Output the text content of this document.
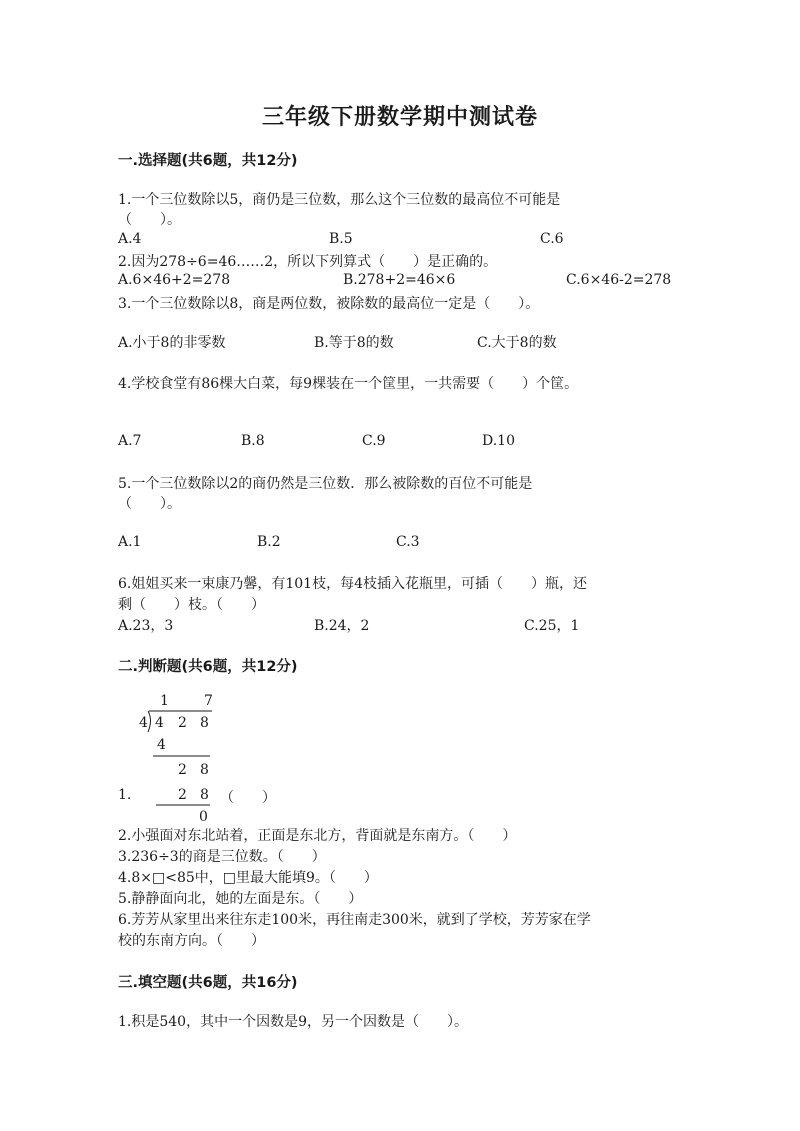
三年级下册数学期中测试卷
一.选择题(共6题，共12分)
1.一个三位数除以5，商仍是三位数，那么这个三位数的最高位不可能是
（　　）。
A.4	B.5	C.6
2.因为278÷6=46……2，所以下列算式（　　）是正确的。
A.6×46+2=278	B.278+2=46×6	C.6×46-2=278
3.一个三位数除以8，商是两位数，被除数的最高位一定是（　　）。
A.小于8的非零数	B.等于8的数	C.大于8的数
4.学校食堂有86棵大白菜，每9棵装在一个筐里，一共需要（　　）个筐。
A.7	B.8	C.9	D.10
5.一个三位数除以2的商仍然是三位数．那么被除数的百位不可能是
（　　）。
A.1	B.2	C.3
6.姐姐买来一束康乃馨，有101枝，每4枝插入花瓶里，可插（　　）瓶，还
剩（　　）枝。（　　）
A.23，3	B.24，2	C.25，1
二.判断题(共6题，共12分)
1	7
4 4 2 8
4
2 8
2 8
0
1.	（　　）
2.小强面对东北站着，正面是东北方，背面就是东南方。（　　）
3.236÷3的商是三位数。（　　）
4.8×□<85中，□里最大能填9。（　　）
5.静静面向北，她的左面是东。（　　）
6.芳芳从家里出来往东走100米，再往南走300米，就到了学校，芳芳家在学
校的东南方向。（　　）
三.填空题(共6题，共16分)
1.积是540，其中一个因数是9，另一个因数是（　　）。
